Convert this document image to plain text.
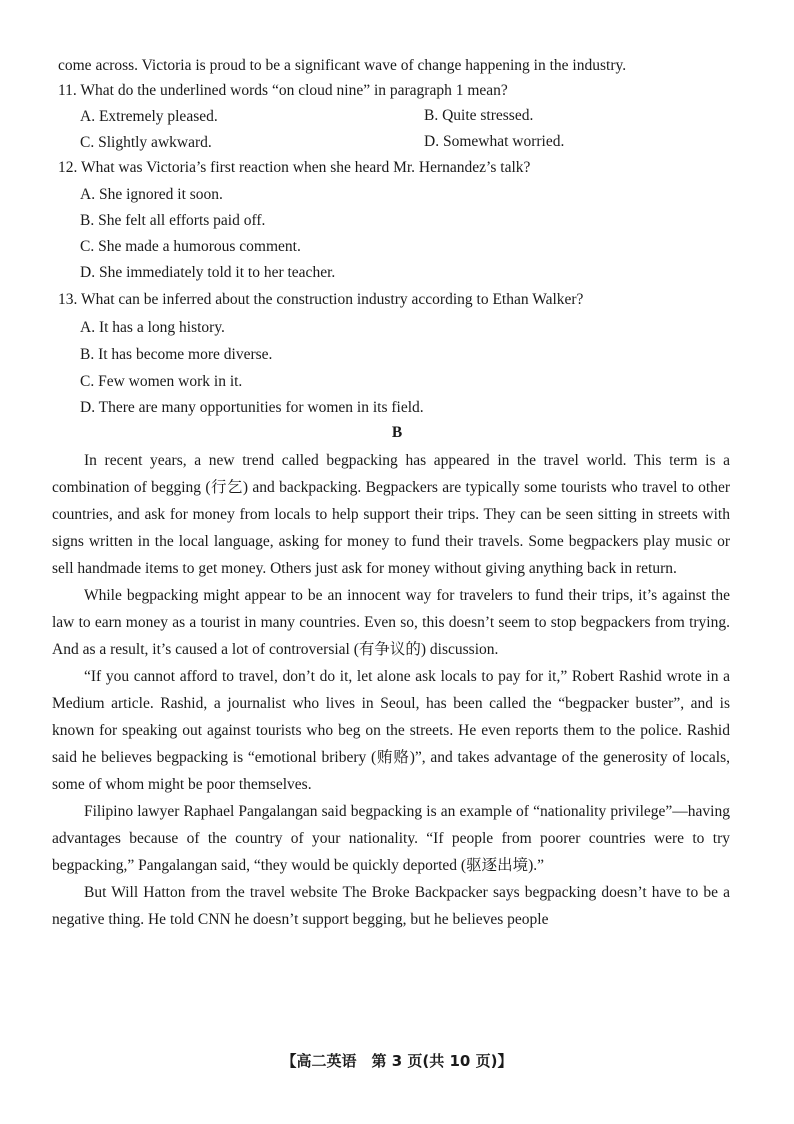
come across. Victoria is proud to be a significant wave of change happening in the industry.
11. What do the underlined words “on cloud nine” in paragraph 1 mean?
A. Extremely pleased.	B. Quite stressed.
C. Slightly awkward.	D. Somewhat worried.
12. What was Victoria’s first reaction when she heard Mr. Hernandez’s talk?
A. She ignored it soon.
B. She felt all efforts paid off.
C. She made a humorous comment.
D. She immediately told it to her teacher.
13. What can be inferred about the construction industry according to Ethan Walker?
A. It has a long history.
B. It has become more diverse.
C. Few women work in it.
D. There are many opportunities for women in its field.
B

In recent years, a new trend called begpacking has appeared in the travel world. This term is a combination of begging (行乞) and backpacking. Begpackers are typically some tourists who travel to other countries, and ask for money from locals to help support their trips. They can be seen sitting in streets with signs written in the local language, asking for money to fund their travels. Some begpackers play music or sell handmade items to get money. Others just ask for money without giving anything back in return.

While begpacking might appear to be an innocent way for travelers to fund their trips, it’s against the law to earn money as a tourist in many countries. Even so, this doesn’t seem to stop begpackers from trying. And as a result, it’s caused a lot of controversial (有争议的) discussion.

“If you cannot afford to travel, don’t do it, let alone ask locals to pay for it,” Robert Rashid wrote in a Medium article. Rashid, a journalist who lives in Seoul, has been called the “begpacker buster”, and is known for speaking out against tourists who beg on the streets. He even reports them to the police. Rashid said he believes begpacking is “emotional bribery (贿赂)”, and takes advantage of the generosity of locals, some of whom might be poor themselves.

Filipino lawyer Raphael Pangalangan said begpacking is an example of “nationality privilege”—having advantages because of the country of your nationality. “If people from poorer countries were to try begpacking,” Pangalangan said, “they would be quickly deported (驱逐出境).”

But Will Hatton from the travel website The Broke Backpacker says begpacking doesn’t have to be a negative thing. He told CNN he doesn’t support begging, but he believes people

【高二英语　第 3 页(共 10 页)】
